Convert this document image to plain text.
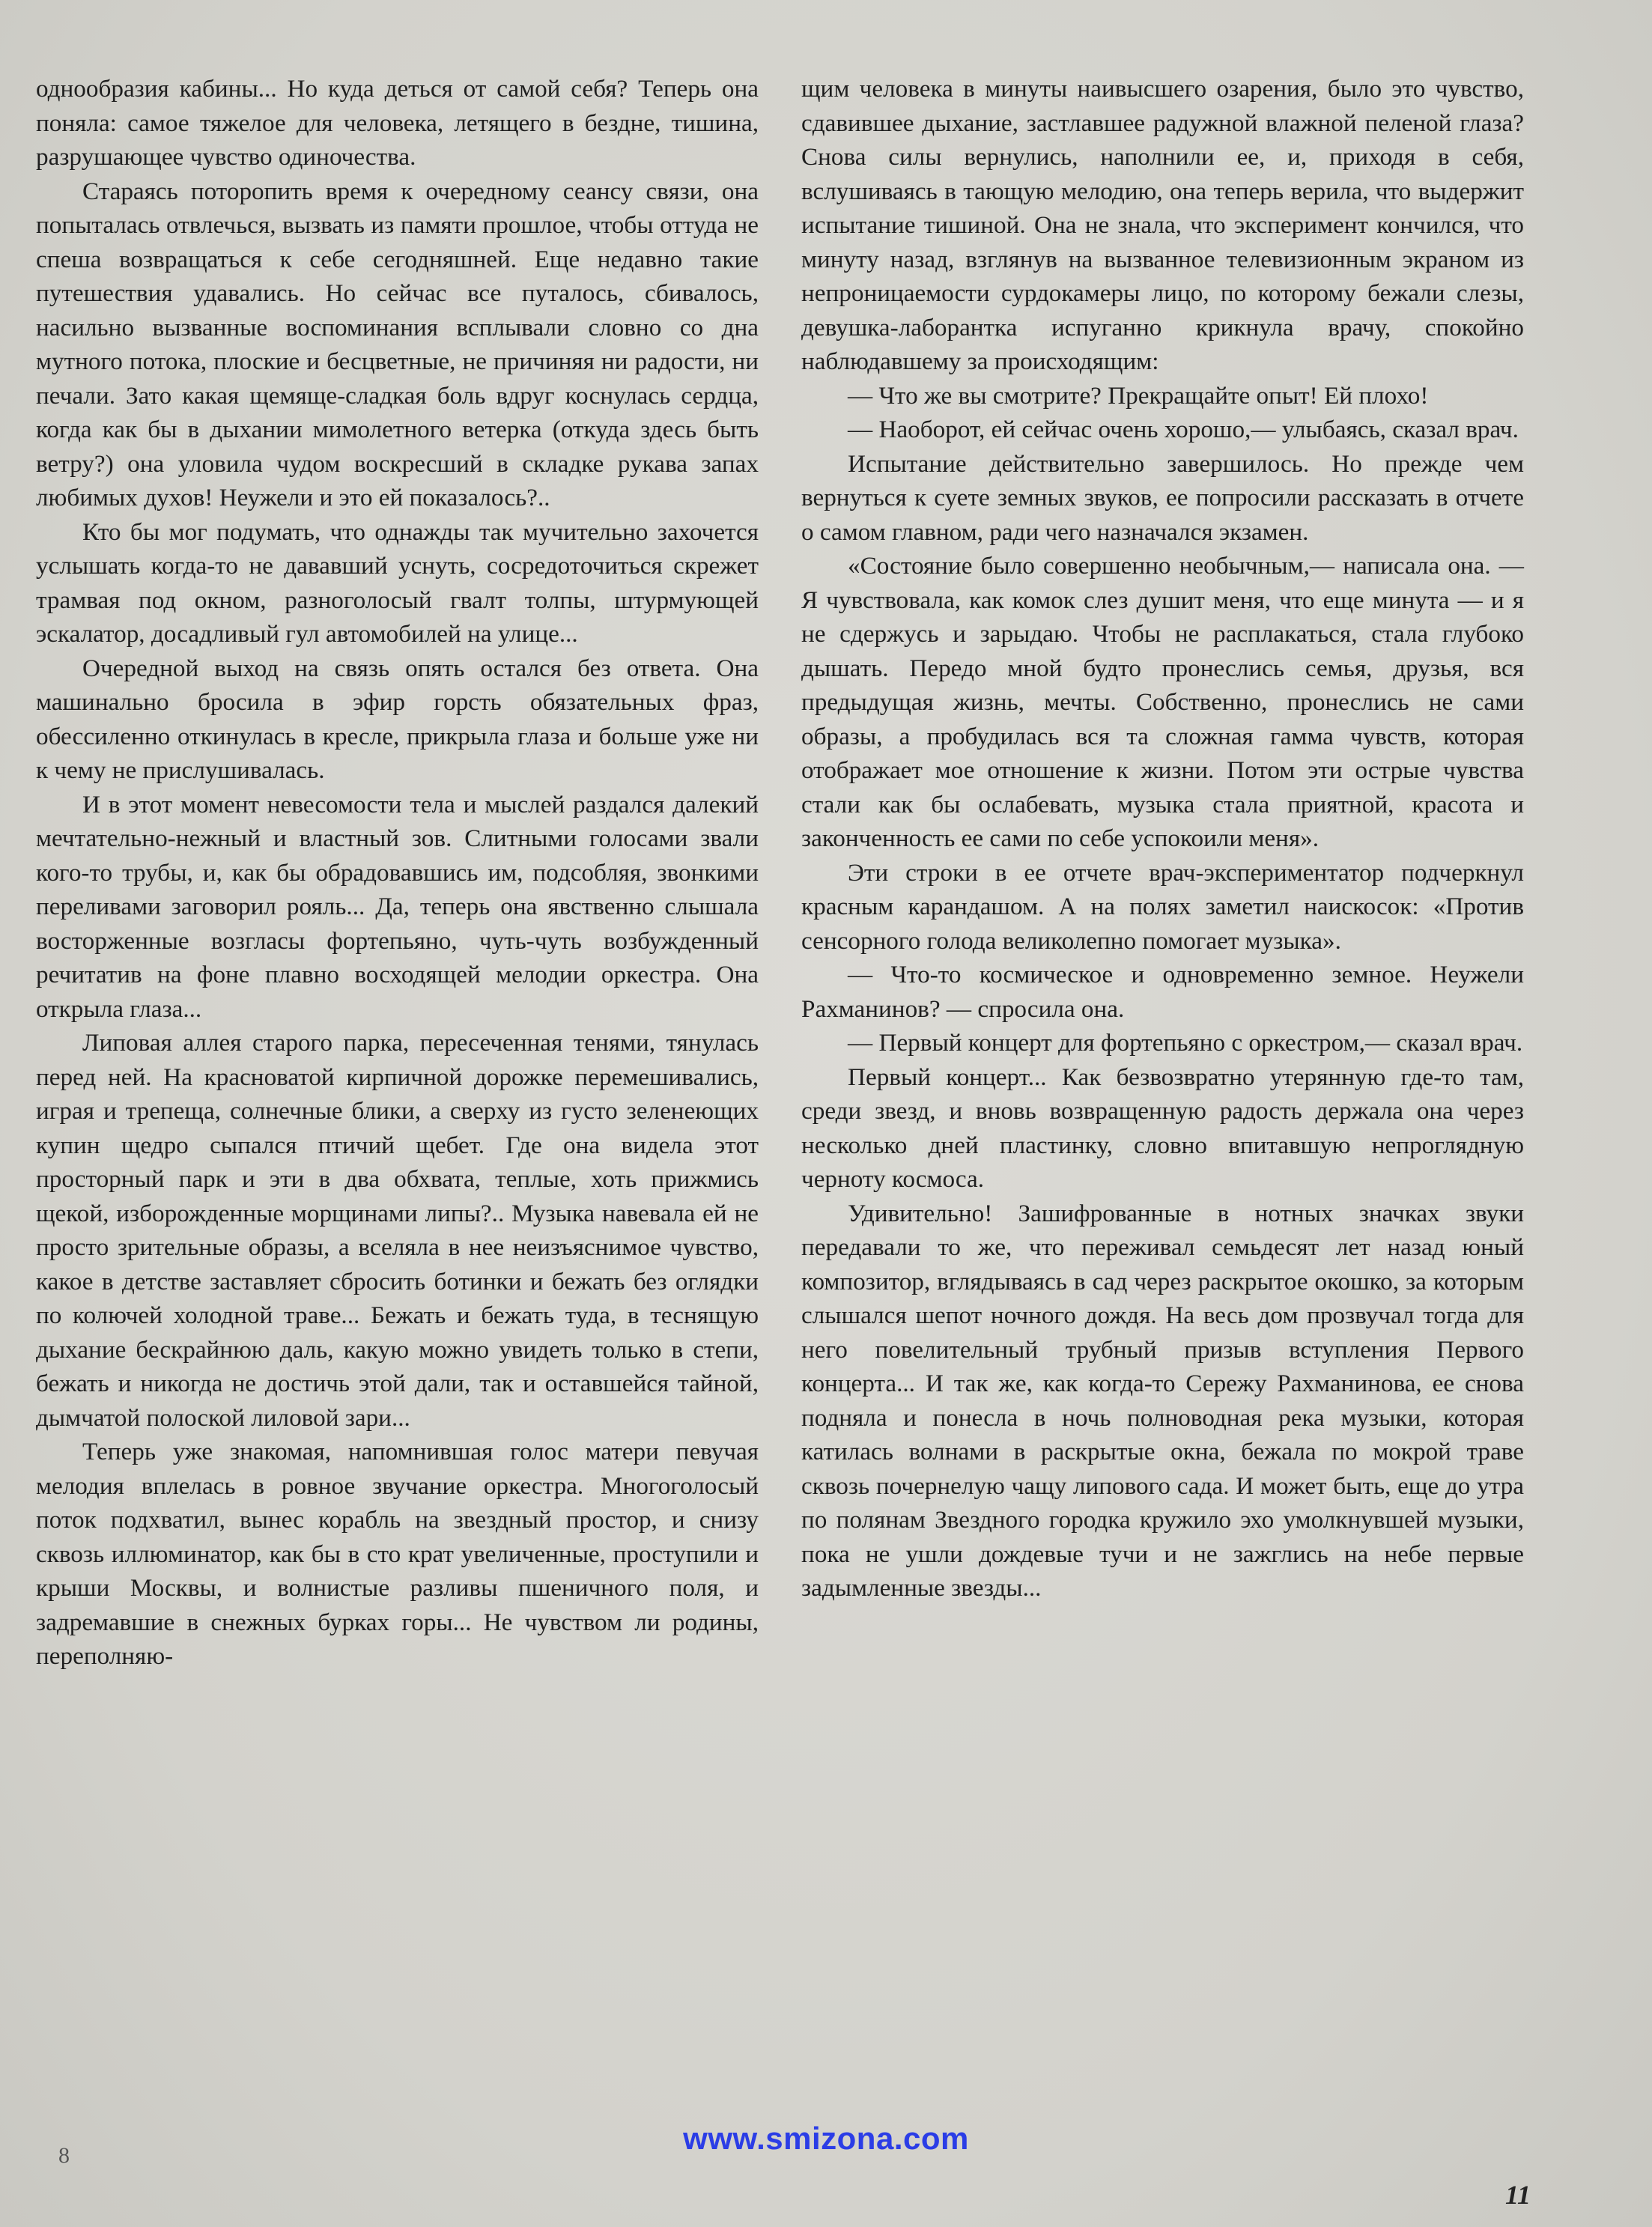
однообразия кабины... Но куда деться от самой себя? Теперь она поняла: самое тяжелое для человека, летящего в бездне, тишина, разрушающее чувство одиночества.

Стараясь поторопить время к очередному сеансу связи, она попыталась отвлечься, вызвать из памяти прошлое, чтобы оттуда не спеша возвращаться к себе сегодняшней. Еще недавно такие путешествия удавались. Но сейчас все путалось, сбивалось, насильно вызванные воспоминания всплывали словно со дна мутного потока, плоские и бесцветные, не причиняя ни радости, ни печали. Зато какая щемяще-сладкая боль вдруг коснулась сердца, когда как бы в дыхании мимолетного ветерка (откуда здесь быть ветру?) она уловила чудом воскресший в складке рукава запах любимых духов! Неужели и это ей показалось?..

Кто бы мог подумать, что однажды так мучительно захочется услышать когда-то не дававший уснуть, сосредоточиться скрежет трамвая под окном, разноголосый гвалт толпы, штурмующей эскалатор, досадливый гул автомобилей на улице...

Очередной выход на связь опять остался без ответа. Она машинально бросила в эфир горсть обязательных фраз, обессиленно откинулась в кресле, прикрыла глаза и больше уже ни к чему не прислушивалась.

И в этот момент невесомости тела и мыслей раздался далекий мечтательно-нежный и властный зов. Слитными голосами звали кого-то трубы, и, как бы обрадовавшись им, подсобляя, звонкими переливами заговорил рояль... Да, теперь она явственно слышала восторженные возгласы фортепьяно, чуть-чуть возбужденный речитатив на фоне плавно восходящей мелодии оркестра. Она открыла глаза...

Липовая аллея старого парка, пересеченная тенями, тянулась перед ней. На красноватой кирпичной дорожке перемешивались, играя и трепеща, солнечные блики, а сверху из густо зеленеющих купин щедро сыпался птичий щебет. Где она видела этот просторный парк и эти в два обхвата, теплые, хоть прижмись щекой, изборожденные морщинами липы?.. Музыка навевала ей не просто зрительные образы, а вселяла в нее неизъяснимое чувство, какое в детстве заставляет сбросить ботинки и бежать без оглядки по колючей холодной траве... Бежать и бежать туда, в теснящую дыхание бескрайнюю даль, какую можно увидеть только в степи, бежать и никогда не достичь этой дали, так и оставшейся тайной, дымчатой полоской лиловой зари...

Теперь уже знакомая, напомнившая голос матери певучая мелодия вплелась в ровное звучание оркестра. Многоголосый поток подхватил, вынес корабль на звездный простор, и снизу сквозь иллюминатор, как бы в сто крат увеличенные, проступили и крыши Москвы, и волнистые разливы пшеничного поля, и задремавшие в снежных бурках горы... Не чувством ли родины, переполняю-

щим человека в минуты наивысшего озарения, было это чувство, сдавившее дыхание, застлавшее радужной влажной пеленой глаза? Снова силы вернулись, наполнили ее, и, приходя в себя, вслушиваясь в тающую мелодию, она теперь верила, что выдержит испытание тишиной. Она не знала, что эксперимент кончился, что минуту назад, взглянув на вызванное телевизионным экраном из непроницаемости сурдокамеры лицо, по которому бежали слезы, девушка-лаборантка испуганно крикнула врачу, спокойно наблюдавшему за происходящим:

— Что же вы смотрите? Прекращайте опыт! Ей плохо!

— Наоборот, ей сейчас очень хорошо,— улыбаясь, сказал врач.

Испытание действительно завершилось. Но прежде чем вернуться к суете земных звуков, ее попросили рассказать в отчете о самом главном, ради чего назначался экзамен.

«Состояние было совершенно необычным,— написала она. — Я чувствовала, как комок слез душит меня, что еще минута — и я не сдержусь и зарыдаю. Чтобы не расплакаться, стала глубоко дышать. Передо мной будто пронеслись семья, друзья, вся предыдущая жизнь, мечты. Собственно, пронеслись не сами образы, а пробудилась вся та сложная гамма чувств, которая отображает мое отношение к жизни. Потом эти острые чувства стали как бы ослабевать, музыка стала приятной, красота и законченность ее сами по себе успокоили меня».

Эти строки в ее отчете врач-экспериментатор подчеркнул красным карандашом. А на полях заметил наискосок: «Против сенсорного голода великолепно помогает музыка».

— Что-то космическое и одновременно земное. Неужели Рахманинов? — спросила она.

— Первый концерт для фортепьяно с оркестром,— сказал врач.

Первый концерт... Как безвозвратно утерянную где-то там, среди звезд, и вновь возвращенную радость держала она через несколько дней пластинку, словно впитавшую непроглядную черноту космоса.

Удивительно! Зашифрованные в нотных значках звуки передавали то же, что переживал семьдесят лет назад юный композитор, вглядываясь в сад через раскрытое окошко, за которым слышался шепот ночного дождя. На весь дом прозвучал тогда для него повелительный трубный призыв вступления Первого концерта... И так же, как когда-то Сережу Рахманинова, ее снова подняла и понесла в ночь полноводная река музыки, которая катилась волнами в раскрытые окна, бежала по мокрой траве сквозь почернелую чащу липового сада. И может быть, еще до утра по полянам Звездного городка кружило эхо умолкнувшей музыки, пока не ушли дождевые тучи и не зажглись на небе первые задымленные звезды...

8	www.smizona.com
11
